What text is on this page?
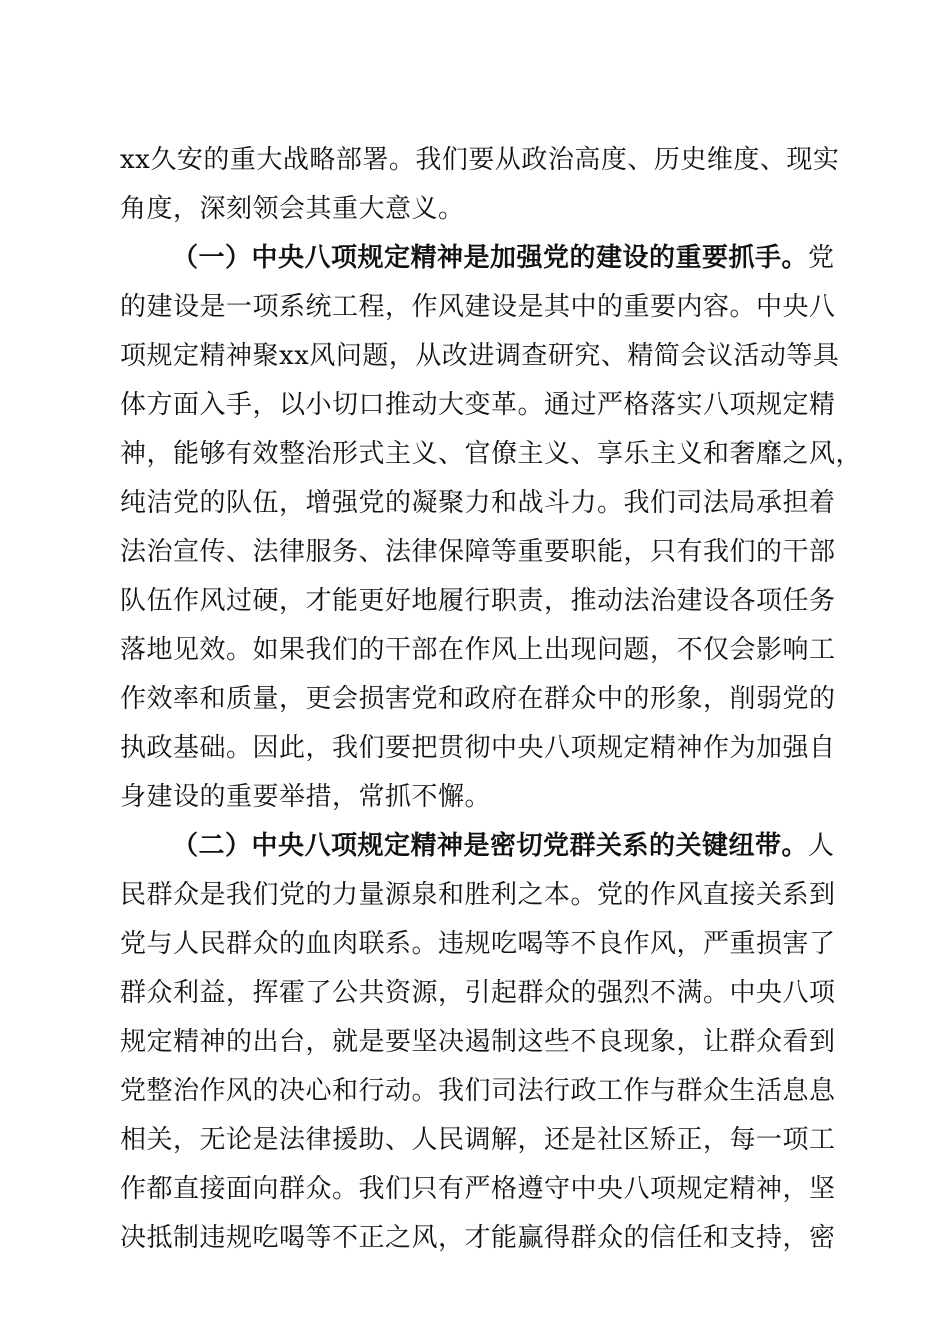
xx久安的重大战略部署。我们要从政治高度、历史维度、现实
角度，深刻领会其重大意义。
（一）中央八项规定精神是加强党的建设的重要抓手。党
的建设是一项系统工程，作风建设是其中的重要内容。中央八
项规定精神聚xx风问题，从改进调查研究、精简会议活动等具
体方面入手，以小切口推动大变革。通过严格落实八项规定精
神，能够有效整治形式主义、官僚主义、享乐主义和奢靡之风，
纯洁党的队伍，增强党的凝聚力和战斗力。我们司法局承担着
法治宣传、法律服务、法律保障等重要职能，只有我们的干部
队伍作风过硬，才能更好地履行职责，推动法治建设各项任务
落地见效。如果我们的干部在作风上出现问题，不仅会影响工
作效率和质量，更会损害党和政府在群众中的形象，削弱党的
执政基础。因此，我们要把贯彻中央八项规定精神作为加强自
身建设的重要举措，常抓不懈。
（二）中央八项规定精神是密切党群关系的关键纽带。人
民群众是我们党的力量源泉和胜利之本。党的作风直接关系到
党与人民群众的血肉联系。违规吃喝等不良作风，严重损害了
群众利益，挥霍了公共资源，引起群众的强烈不满。中央八项
规定精神的出台，就是要坚决遏制这些不良现象，让群众看到
党整治作风的决心和行动。我们司法行政工作与群众生活息息
相关，无论是法律援助、人民调解，还是社区矫正，每一项工
作都直接面向群众。我们只有严格遵守中央八项规定精神，坚
决抵制违规吃喝等不正之风，才能赢得群众的信任和支持，密
